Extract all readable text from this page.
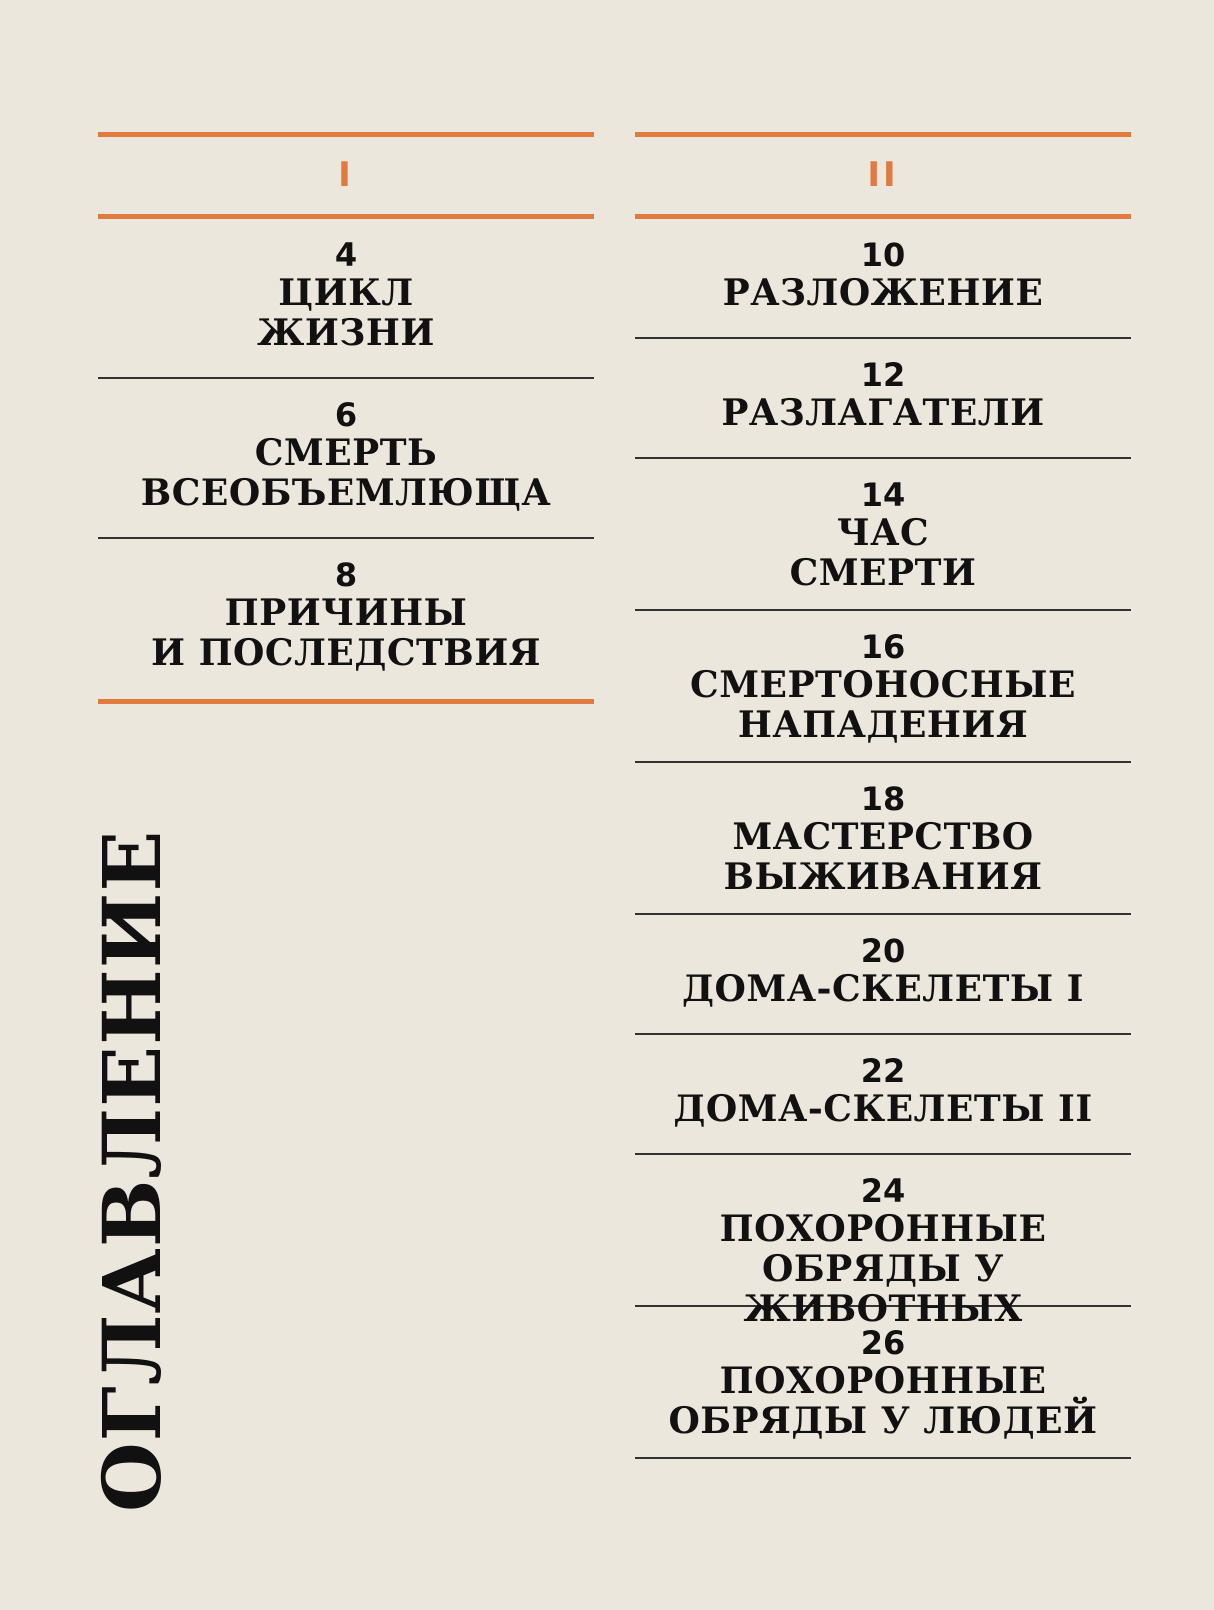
ОГЛАВЛЕНИЕ
I
4
ЦИКЛ
ЖИЗНИ
6
СМЕРТЬ
ВСЕОБЪЕМЛЮЩА
8
ПРИЧИНЫ
И ПОСЛЕДСТВИЯ
II
10
РАЗЛОЖЕНИЕ
12
РАЗЛАГАТЕЛИ
14
ЧАС
СМЕРТИ
16
СМЕРТОНОСНЫЕ
НАПАДЕНИЯ
18
МАСТЕРСТВО
ВЫЖИВАНИЯ
20
ДОМА-СКЕЛЕТЫ I
22
ДОМА-СКЕЛЕТЫ II
24
ПОХОРОННЫЕ
ОБРЯДЫ У ЖИВОТНЫХ
26
ПОХОРОННЫЕ
ОБРЯДЫ У ЛЮДЕЙ
